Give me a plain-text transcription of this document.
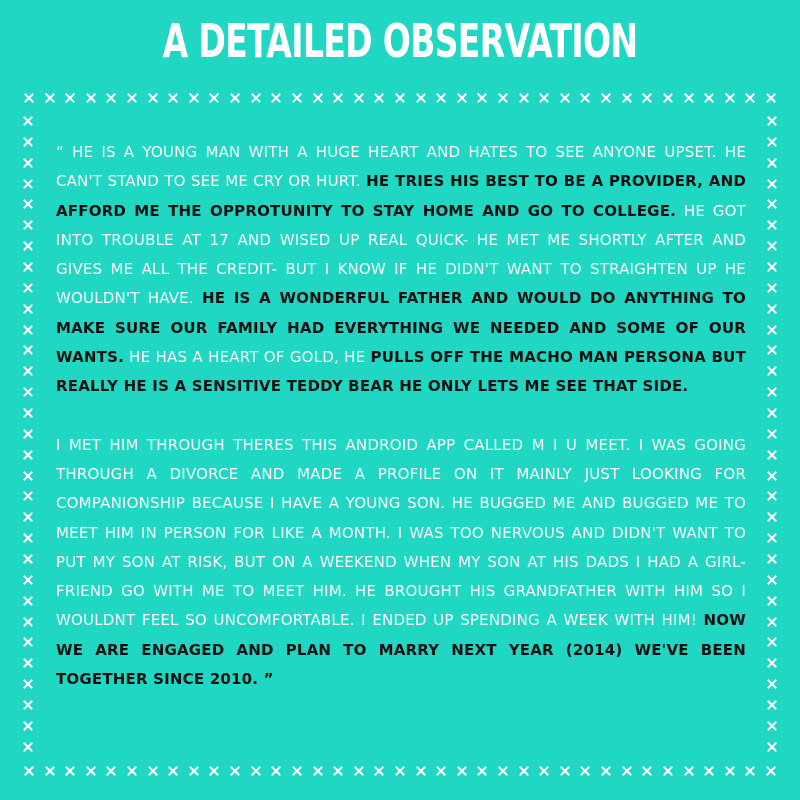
A DETAILED OBSERVATION

“ HE IS A YOUNG MAN WITH A HUGE HEART AND HATES TO SEE ANYONE UPSET. HE CAN'T STAND TO SEE ME CRY OR HURT. HE TRIES HIS BEST TO BE A PROVIDER, AND AFFORD ME THE OPPROTUNITY TO STAY HOME AND GO TO COLLEGE. HE GOT INTO TROUBLE AT 17 AND WISED UP REAL QUICK- HE MET ME SHORTLY AFTER AND GIVES ME ALL THE CREDIT- BUT I KNOW IF HE DIDN'T WANT TO STRAIGHTEN UP HE WOULDN'T HAVE. HE IS A WONDERFUL FATHER AND WOULD DO ANYTHING TO MAKE SURE OUR FAMILY HAD EVERYTHING WE NEEDED AND SOME OF OUR WANTS. HE HAS A HEART OF GOLD, HE PULLS OFF THE MACHO MAN PERSONA BUT REALLY HE IS A SENSITIVE TEDDY BEAR HE ONLY LETS ME SEE THAT SIDE.

I MET HIM THROUGH THERES THIS ANDROID APP CALLED M I U MEET. I WAS GOING THROUGH A DIVORCE AND MADE A PROFILE ON IT MAINLY JUST LOOKING FOR COMPANIONSHIP BECAUSE I HAVE A YOUNG SON. HE BUGGED ME AND BUGGED ME TO MEET HIM IN PERSON FOR LIKE A MONTH. I WAS TOO NERVOUS AND DIDN'T WANT TO PUT MY SON AT RISK, BUT ON A WEEKEND WHEN MY SON AT HIS DADS I HAD A GIRL-FRIEND GO WITH ME TO MEET HIM. HE BROUGHT HIS GRANDFATHER WITH HIM SO I WOULDNT FEEL SO UNCOMFORTABLE. I ENDED UP SPENDING A WEEK WITH HIM! NOW WE ARE ENGAGED AND PLAN TO MARRY NEXT YEAR (2014) WE'VE BEEN TOGETHER SINCE 2010. ”
